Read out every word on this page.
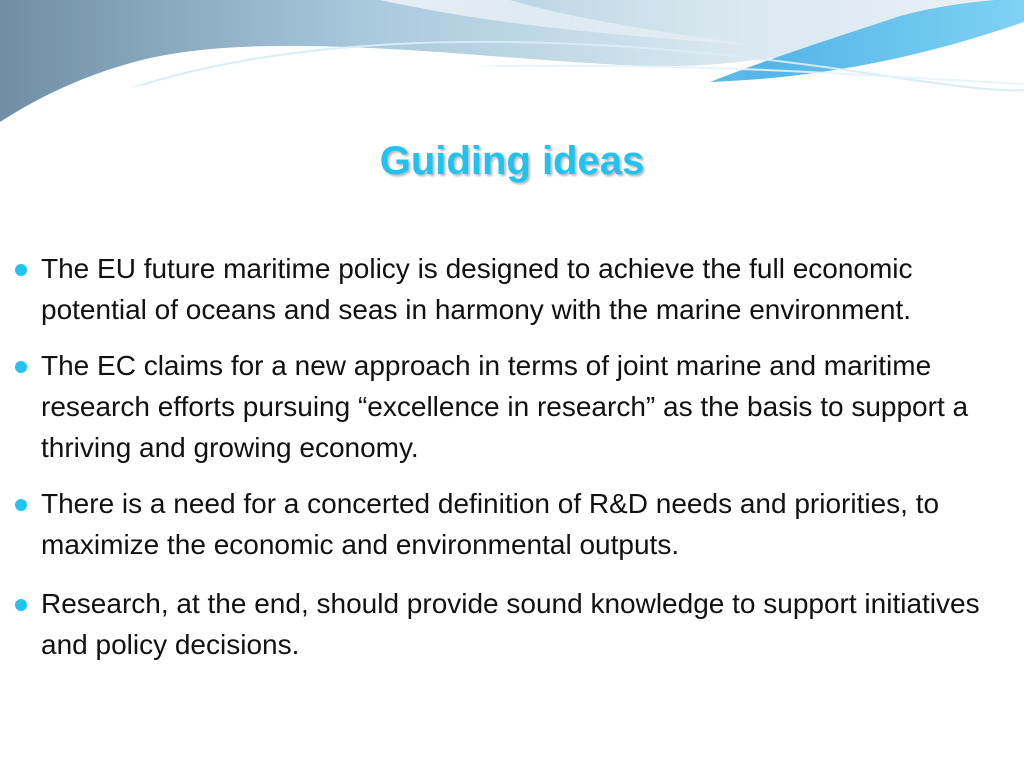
Guiding ideas
The EU future maritime policy is designed to achieve the full economic potential of oceans and seas in harmony with the marine environment.
The EC claims for a new approach in terms of joint marine and maritime research efforts pursuing “excellence in research” as the basis to support a thriving and growing economy.
There is a need for a concerted definition of R&D needs and priorities, to maximize the economic and environmental outputs.
Research, at the end, should provide sound knowledge to support initiatives and policy decisions.
